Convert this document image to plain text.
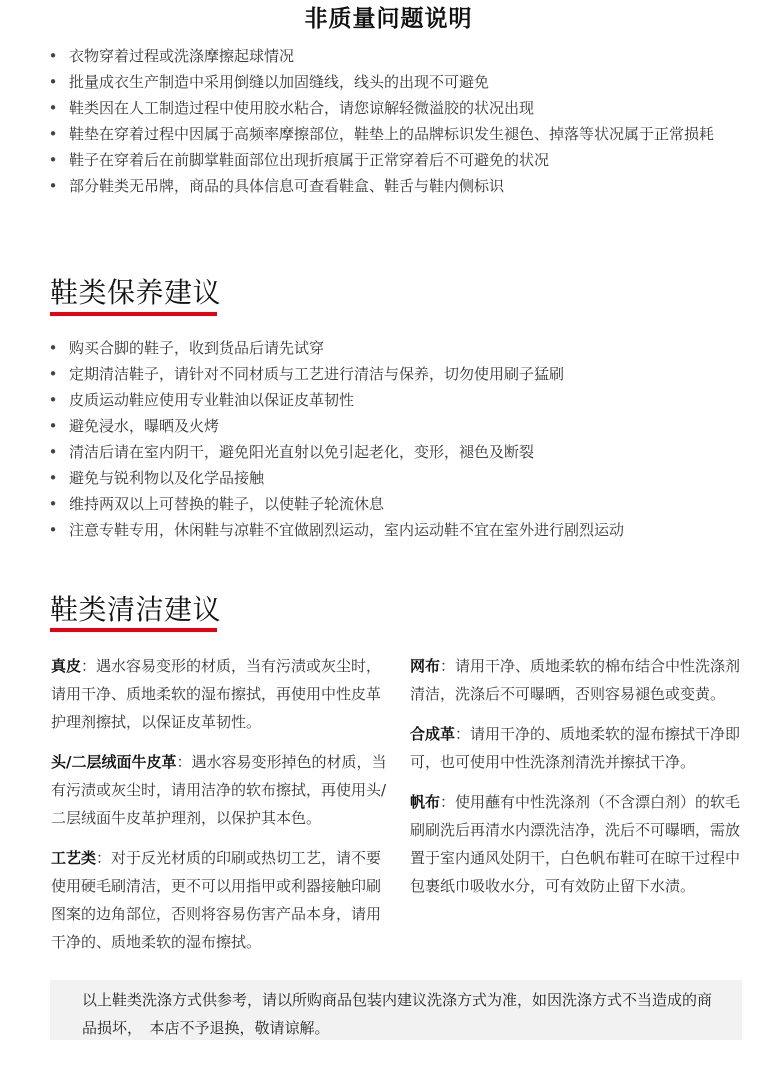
非质量问题说明
• 衣物穿着过程或洗涤摩擦起球情况
• 批量成衣生产制造中采用倒缝以加固缝线，线头的出现不可避免
• 鞋类因在人工制造过程中使用胶水粘合，请您谅解轻微溢胶的状况出现
• 鞋垫在穿着过程中因属于高频率摩擦部位，鞋垫上的品牌标识发生褪色、掉落等状况属于正常损耗
• 鞋子在穿着后在前脚掌鞋面部位出现折痕属于正常穿着后不可避免的状况
• 部分鞋类无吊牌，商品的具体信息可查看鞋盒、鞋舌与鞋内侧标识
鞋类保养建议
• 购买合脚的鞋子，收到货品后请先试穿
• 定期清洁鞋子，请针对不同材质与工艺进行清洁与保养，切勿使用刷子猛刷
• 皮质运动鞋应使用专业鞋油以保证皮革韧性
• 避免浸水，曝晒及火烤
• 清洁后请在室内阴干，避免阳光直射以免引起老化，变形，褪色及断裂
• 避免与锐利物以及化学品接触
• 维持两双以上可替换的鞋子，以使鞋子轮流休息
• 注意专鞋专用，休闲鞋与凉鞋不宜做剧烈运动，室内运动鞋不宜在室外进行剧烈运动
鞋类清洁建议

真皮：遇水容易变形的材质，当有污渍或灰尘时，请用干净、质地柔软的湿布擦拭，再使用中性皮革护理剂擦拭，以保证皮革韧性。

头/二层绒面牛皮革：遇水容易变形掉色的材质，当有污渍或灰尘时，请用洁净的软布擦拭，再使用头/二层绒面牛皮革护理剂，以保护其本色。

工艺类：对于反光材质的印刷或热切工艺，请不要使用硬毛刷清洁，更不可以用指甲或利器接触印刷图案的边角部位，否则将容易伤害产品本身，请用干净的、质地柔软的湿布擦拭。

网布：请用干净、质地柔软的棉布结合中性洗涤剂清洁，洗涤后不可曝晒，否则容易褪色或变黄。

合成革：请用干净的、质地柔软的湿布擦拭干净即可，也可使用中性洗涤剂清洗并擦拭干净。

帆布：使用蘸有中性洗涤剂（不含漂白剂）的软毛刷刷洗后再清水内漂洗洁净，洗后不可曝晒，需放置于室内通风处阴干，白色帆布鞋可在晾干过程中包裹纸巾吸收水分，可有效防止留下水渍。

以上鞋类洗涤方式供参考，请以所购商品包装内建议洗涤方式为准，如因洗涤方式不当造成的商品损坏，　本店不予退换，敬请谅解。
